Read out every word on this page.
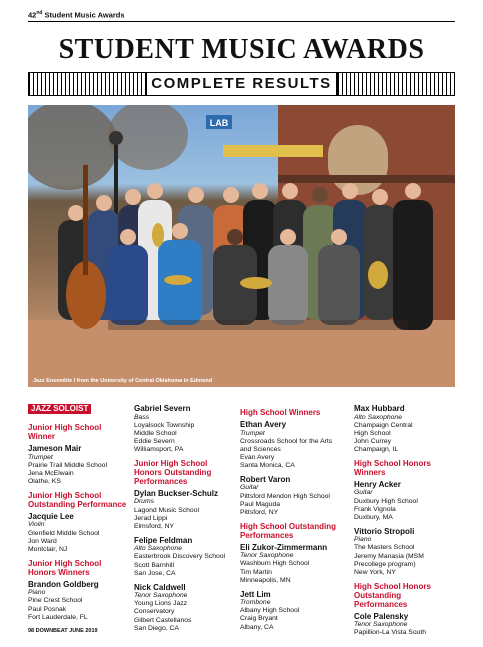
42nd Student Music Awards
STUDENT MUSIC AWARDS
COMPLETE RESULTS
LAB
Jazz Ensemble I from the University of Central Oklahoma in Edmond
JAZZ SOLOIST
Junior High School Winner
Jameson Mair
Trumpet
Prairie Trail Middle School
Jena McElwain
Olathe, KS
Junior High School Outstanding Performance
Jacquie Lee
Violin
Glenfield Middle School
Jon Ward
Montclair, NJ
Junior High School Honors Winners
Brandon Goldberg
Piano
Pine Crest School
Paul Posnak
Fort Lauderdale, FL
Gabriel Severn
Bass
Loyalsock Township
Middle School
Eddie Severn
Williamsport, PA
Junior High School Honors Outstanding Performances
Dylan Buckser-Schulz
Drums
Lagond Music School
Jerad Lippi
Elmsford, NY
Felipe Feldman
Alto Saxophone
Easterbrook Discovery School
Scott Barnhill
San Jose, CA
Nick Caldwell
Tenor Saxophone
Young Lions Jazz
Conservatory
Gilbert Castellanos
San Diego, CA
High School Winners
Ethan Avery
Trumpet
Crossroads School for the Arts
and Sciences
Evan Avery
Santa Monica, CA
Robert Varon
Guitar
Pittsford Mendon High School
Paul Maguda
Pittsford, NY
High School Outstanding Performances
Eli Zukor-Zimmermann
Tenor Saxophone
Washburn High School
Tim Martin
Minneapolis, MN
Jett Lim
Trombone
Albany High School
Craig Bryant
Albany, CA
Max Hubbard
Alto Saxophone
Champaign Central
High School
John Currey
Champaign, IL
High School Honors Winners
Henry Acker
Guitar
Duxbury High School
Frank Vignola
Duxbury, MA
Vittorio Stropoli
Piano
The Masters School
Jeremy Manasia (MSM
Precollege program)
New York, NY
High School Honors Outstanding Performances
Cole Palensky
Tenor Saxophone
Papillion-La Vista South
98 DOWNBEAT JUNE 2019
